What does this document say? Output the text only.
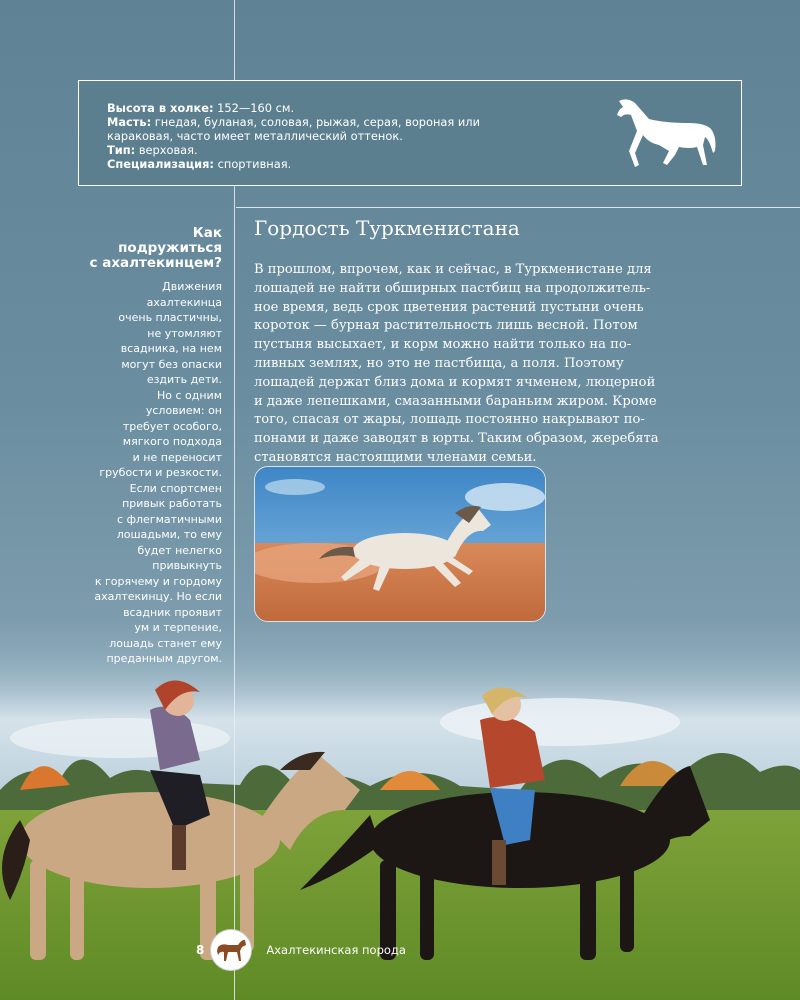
Высота в холке: 152—160 см.
Масть: гнедая, буланая, соловая, рыжая, серая, вороная или
караковая, часто имеет металлический оттенок.
Тип: верховая.
Специализация: спортивная.
Как
подружиться
с ахалтекинцем?
Движения
ахалтекинца
очень пластичны,
не утомляют
всадника, на нем
могут без опаски
ездить дети.
Но с одним
условием: он
требует особого,
мягкого подхода
и не переносит
грубости и резкости.
Если спортсмен
привык работать
с флегматичными
лошадьми, то ему
будет нелегко
привыкнуть
к горячему и гордому
ахалтекинцу. Но если
всадник проявит
ум и терпение,
лошадь станет ему
преданным другом.
Гордость Туркменистана
В прошлом, впрочем, как и сейчас, в Туркменистане для
лошадей не найти обширных пастбищ на продолжитель-
ное время, ведь срок цветения растений пустыни очень
короток — бурная растительность лишь весной. Потом
пустыня высыхает, и корм можно найти только на по-
ливных землях, но это не пастбища, а поля. Поэтому
лошадей держат близ дома и кормят ячменем, люцерной
и даже лепешками, смазанными бараньим жиром. Кроме
того, спасая от жары, лошадь постоянно накрывают по-
понами и даже заводят в юрты. Таким образом, жеребята
становятся настоящими членами семьи.
8	Ахалтекинская порода
